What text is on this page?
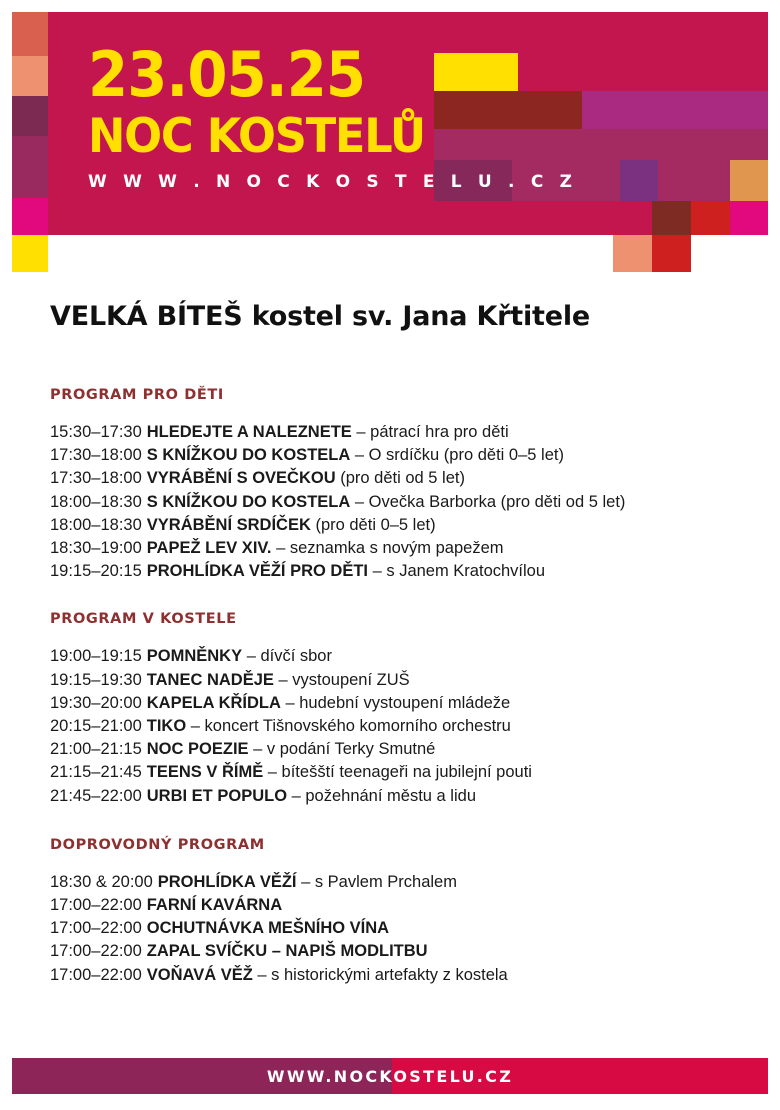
23.05.25
NOC KOSTELŮ
W W W . N O C K O S T E L U . C Z
VELKÁ BÍTEŠ kostel sv. Jana Křtitele
PROGRAM PRO DĚTI
15:30–17:30 HLEDEJTE A NALEZNETE – pátrací hra pro děti
17:30–18:00 S KNÍŽKOU DO KOSTELA – O srdíčku (pro děti 0–5 let)
17:30–18:00 VYRÁBĚNÍ S OVEČKOU (pro děti od 5 let)
18:00–18:30 S KNÍŽKOU DO KOSTELA – Ovečka Barborka (pro děti od 5 let)
18:00–18:30 VYRÁBĚNÍ SRDÍČEK (pro děti 0–5 let)
18:30–19:00 PAPEŽ LEV XIV. – seznamka s novým papežem
19:15–20:15 PROHLÍDKA VĚŽÍ PRO DĚTI – s Janem Kratochvílou
PROGRAM V KOSTELE
19:00–19:15 POMNĚNKY – dívčí sbor
19:15–19:30 TANEC NADĚJE – vystoupení ZUŠ
19:30–20:00 KAPELA KŘÍDLA – hudební vystoupení mládeže
20:15–21:00 TIKO – koncert Tišnovského komorního orchestru
21:00–21:15 NOC POEZIE – v podání Terky Smutné
21:15–21:45 TEENS V ŘÍMĚ – bítešští teenageři na jubilejní pouti
21:45–22:00 URBI ET POPULO – požehnání městu a lidu
DOPROVODNÝ PROGRAM
18:30 & 20:00 PROHLÍDKA VĚŽÍ – s Pavlem Prchalem
17:00–22:00 FARNÍ KAVÁRNA
17:00–22:00 OCHUTNÁVKA MEŠNÍHO VÍNA
17:00–22:00 ZAPAL SVÍČKU – NAPIŠ MODLITBU
17:00–22:00 VOŇAVÁ VĚŽ – s historickými artefakty z kostela
WWW.NOCKOSTELU.CZ
